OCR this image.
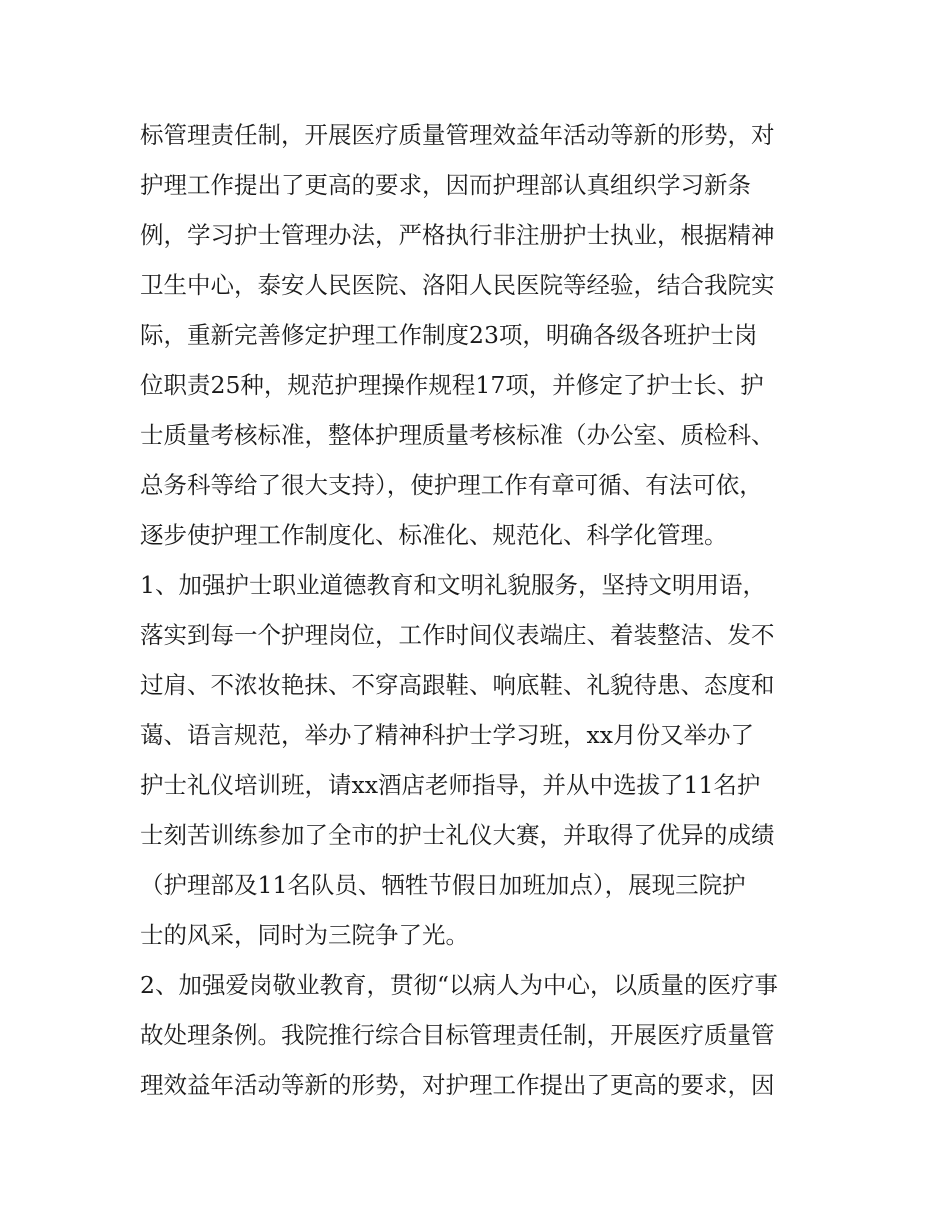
标管理责任制，开展医疗质量管理效益年活动等新的形势，对
护理工作提出了更高的要求，因而护理部认真组织学习新条
例，学习护士管理办法，严格执行非注册护士执业，根据精神
卫生中心，泰安人民医院、洛阳人民医院等经验，结合我院实
际，重新完善修定护理工作制度23项，明确各级各班护士岗
位职责25种，规范护理操作规程17项，并修定了护士长、护
士质量考核标准，整体护理质量考核标准（办公室、质检科、
总务科等给了很大支持），使护理工作有章可循、有法可依，
逐步使护理工作制度化、标准化、规范化、科学化管理。
1、加强护士职业道德教育和文明礼貌服务，坚持文明用语，
落实到每一个护理岗位，工作时间仪表端庄、着装整洁、发不
过肩、不浓妆艳抹、不穿高跟鞋、响底鞋、礼貌待患、态度和
蔼、语言规范，举办了精神科护士学习班，xx月份又举办了
护士礼仪培训班，请xx酒店老师指导，并从中选拔了11名护
士刻苦训练参加了全市的护士礼仪大赛，并取得了优异的成绩
（护理部及11名队员、牺牲节假日加班加点），展现三院护
士的风采，同时为三院争了光。
2、加强爱岗敬业教育，贯彻“以病人为中心，以质量的医疗事
故处理条例。我院推行综合目标管理责任制，开展医疗质量管
理效益年活动等新的形势，对护理工作提出了更高的要求，因
